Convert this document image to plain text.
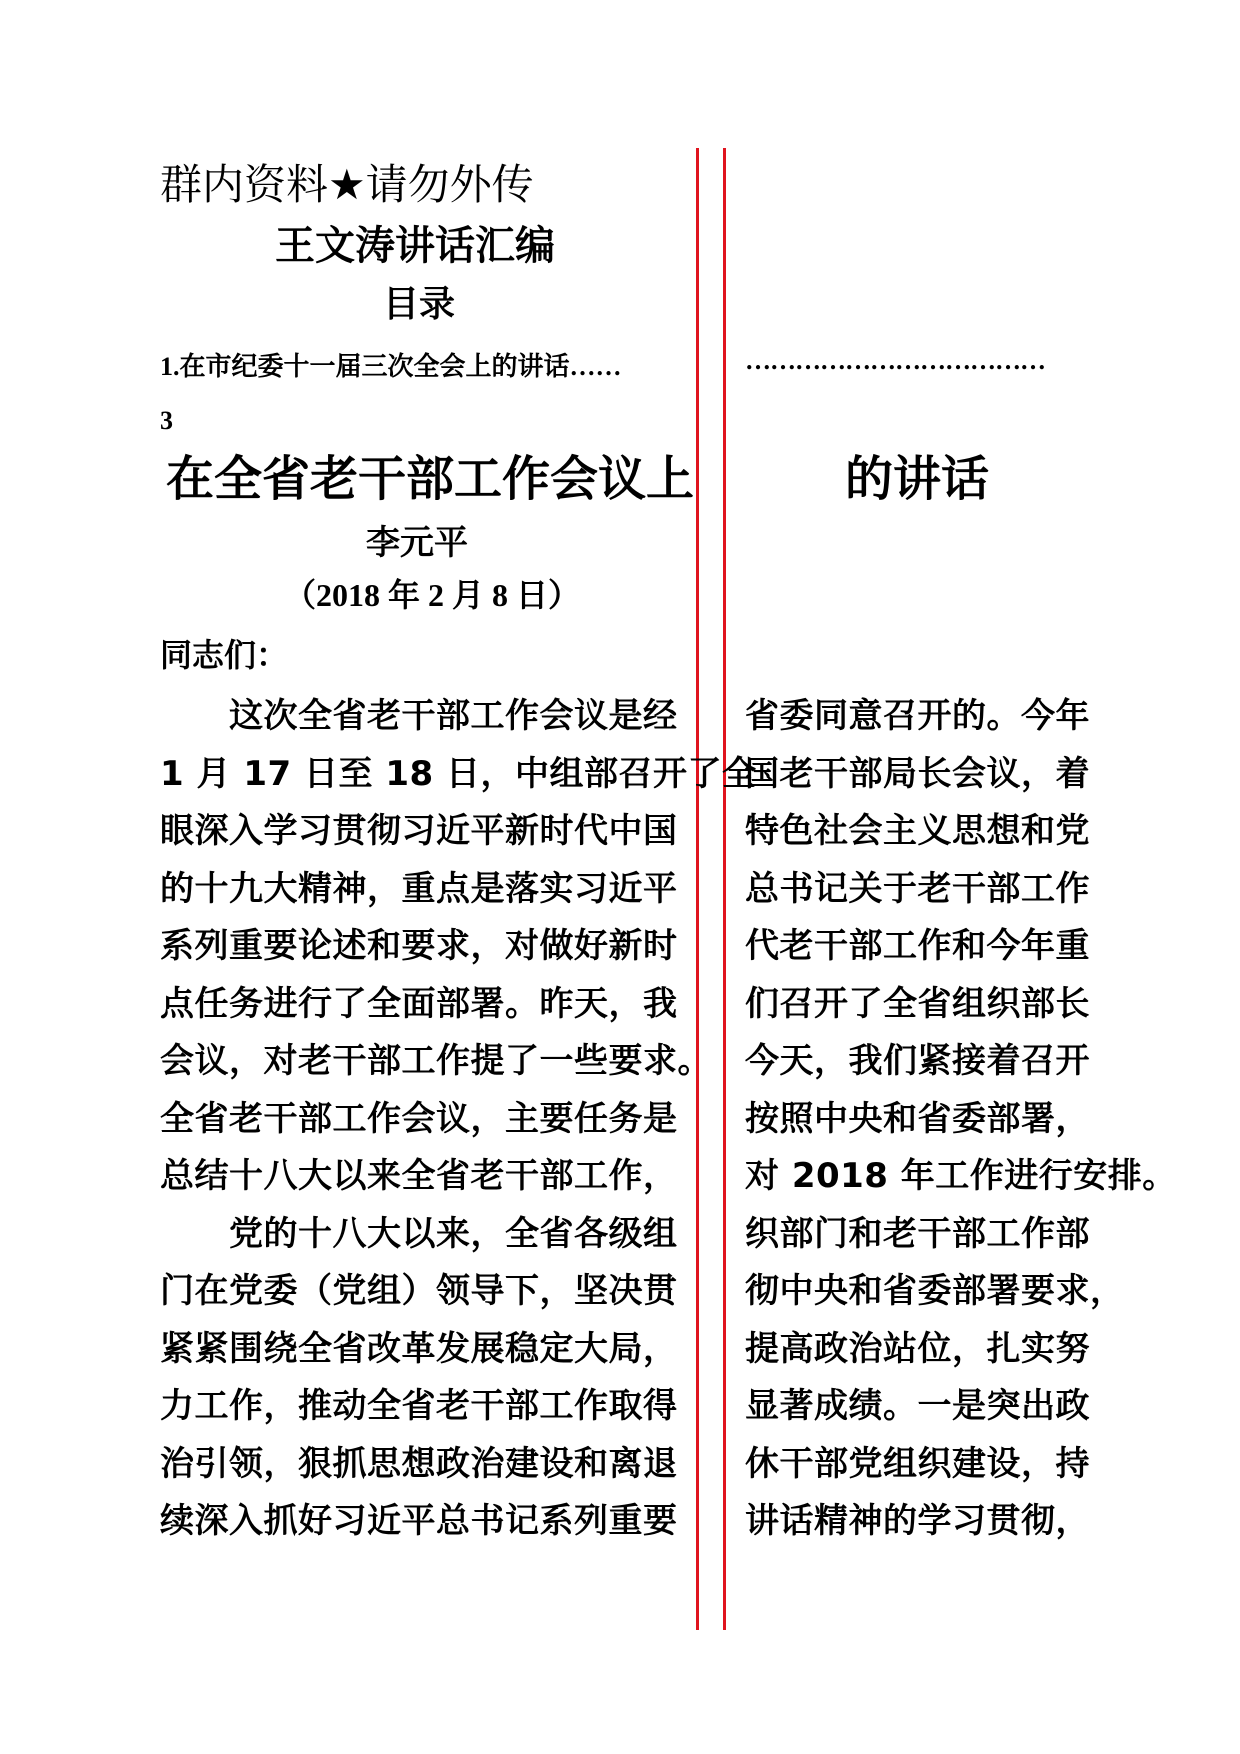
群内资料★请勿外传
王文涛讲话汇编
目录
1.在市纪委十一届三次全会上的讲话……	………………………………
3
在全省老干部工作会议上	的讲话
李元平
（2018 年 2 月 8 日）
同志们：
　　这次全省老干部工作会议是经
1 月 17 日至 18 日，中组部召开了全
眼深入学习贯彻习近平新时代中国
的十九大精神，重点是落实习近平
系列重要论述和要求，对做好新时
点任务进行了全面部署。昨天，我
会议，对老干部工作提了一些要求。
全省老干部工作会议，主要任务是
总结十八大以来全省老干部工作，
　　党的十八大以来，全省各级组
门在党委（党组）领导下，坚决贯
紧紧围绕全省改革发展稳定大局，
力工作，推动全省老干部工作取得
治引领，狠抓思想政治建设和离退
续深入抓好习近平总书记系列重要
省委同意召开的。今年
国老干部局长会议，着
特色社会主义思想和党
总书记关于老干部工作
代老干部工作和今年重
们召开了全省组织部长
今天，我们紧接着召开
按照中央和省委部署，
对 2018 年工作进行安排。
织部门和老干部工作部
彻中央和省委部署要求，
提高政治站位，扎实努
显著成绩。一是突出政
休干部党组织建设，持
讲话精神的学习贯彻，
